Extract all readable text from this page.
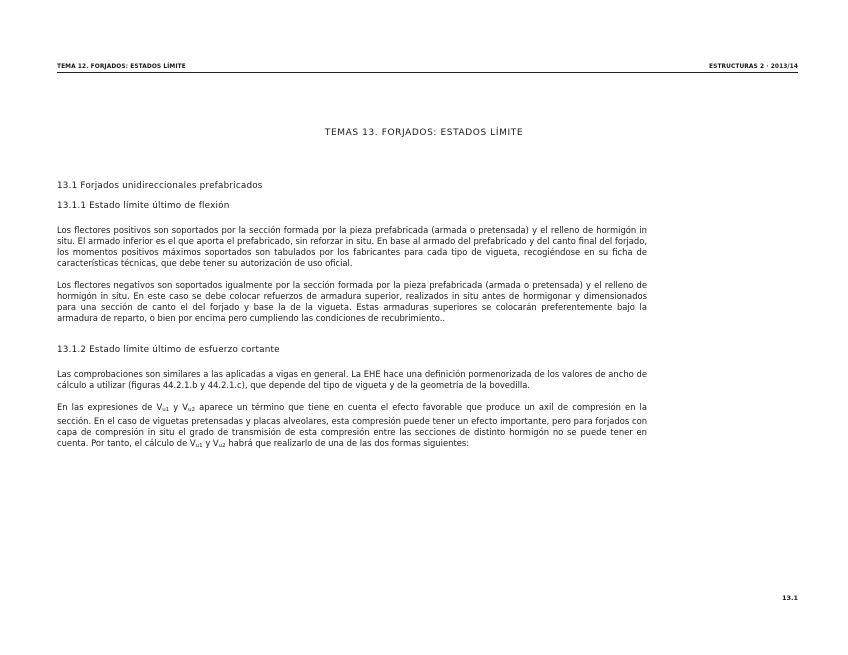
TEMA 12. FORJADOS: ESTADOS LÍMITE	ESTRUCTURAS 2 · 2013/14
TEMAS 13. FORJADOS: ESTADOS LÍMITE
13.1 Forjados unidireccionales prefabricados
13.1.1 Estado límite último de flexión

Los flectores positivos son soportados por la sección formada por la pieza prefabricada (armada o pretensada) y el relleno de hormigón in situ. El armado inferior es el que aporta el prefabricado, sin reforzar in situ. En base al armado del prefabricado y del canto final del forjado, los momentos positivos máximos soportados son tabulados por los fabricantes para cada tipo de vigueta, recogiéndose en su ficha de características técnicas, que debe tener su autorización de uso oficial.

Los flectores negativos son soportados igualmente por la sección formada por la pieza prefabricada (armada o pretensada) y el relleno de hormigón in situ. En este caso se debe colocar refuerzos de armadura superior, realizados in situ antes de hormigonar y dimensionados para una sección de canto el del forjado y base la de la vigueta. Estas armaduras superiores se colocarán preferentemente bajo la armadura de reparto, o bien por encima pero cumpliendo las condiciones de recubrimiento..

13.1.2 Estado límite último de esfuerzo cortante

Las comprobaciones son similares a las aplicadas a vigas en general. La EHE hace una definición pormenorizada de los valores de ancho de cálculo a utilizar (figuras 44.2.1.b y 44.2.1.c), que depende del tipo de vigueta y de la geometría de la bovedilla.

En las expresiones de Vu1 y Vu2 aparece un término que tiene en cuenta el efecto favorable que produce un axil de compresión en la sección. En el caso de viguetas pretensadas y placas alveolares, esta compresión puede tener un efecto importante, pero para forjados con capa de compresión in situ el grado de transmisión de esta compresión entre las secciones de distinto hormigón no se puede tener en cuenta. Por tanto, el cálculo de Vu1 y Vu2 habrá que realizarlo de una de las dos formas siguientes:

13.1
